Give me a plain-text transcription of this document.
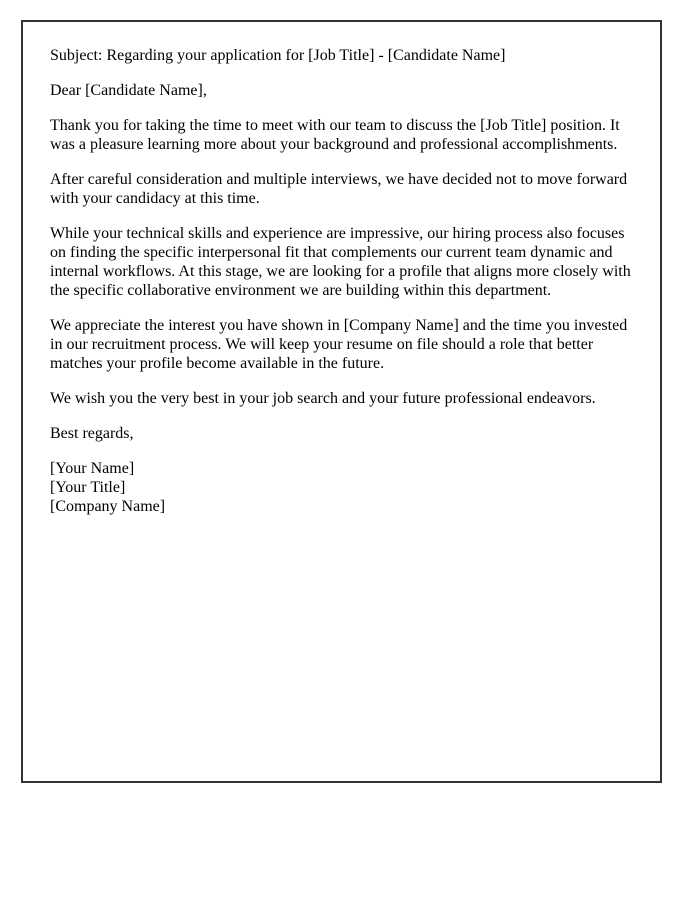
Subject: Regarding your application for [Job Title] - [Candidate Name]

Dear [Candidate Name],

Thank you for taking the time to meet with our team to discuss the [Job Title] position. It was a pleasure learning more about your background and professional accomplishments.

After careful consideration and multiple interviews, we have decided not to move forward with your candidacy at this time.

While your technical skills and experience are impressive, our hiring process also focuses on finding the specific interpersonal fit that complements our current team dynamic and internal workflows. At this stage, we are looking for a profile that aligns more closely with the specific collaborative environment we are building within this department.

We appreciate the interest you have shown in [Company Name] and the time you invested in our recruitment process. We will keep your resume on file should a role that better matches your profile become available in the future.

We wish you the very best in your job search and your future professional endeavors.

Best regards,

[Your Name]
[Your Title]
[Company Name]
